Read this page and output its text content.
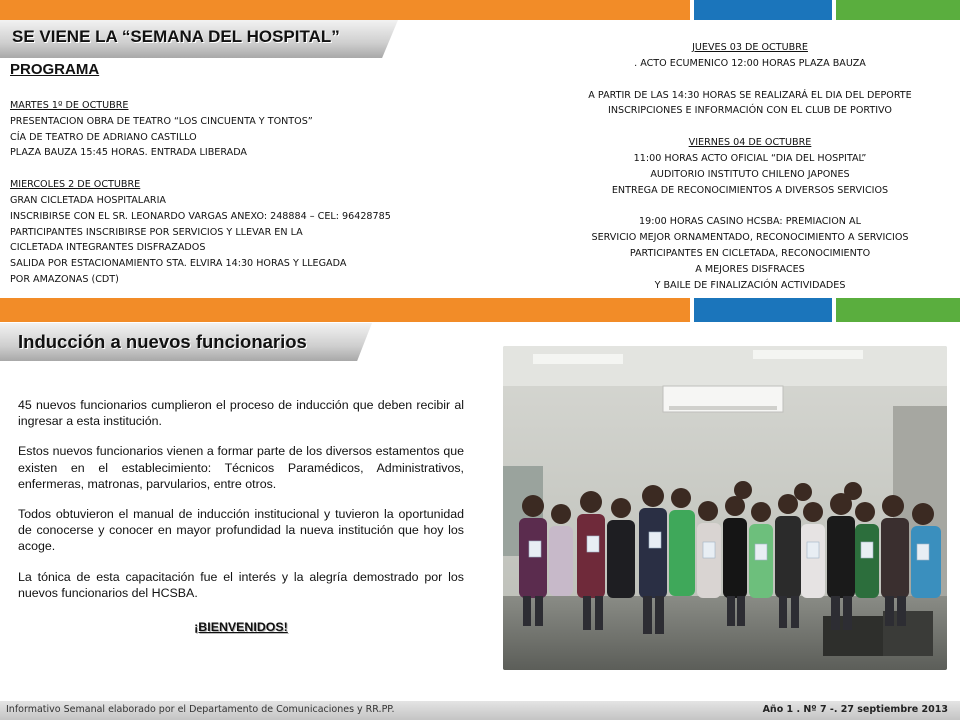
SE VIENE LA “SEMANA DEL HOSPITAL”
PROGRAMA
MARTES 1º DE OCTUBRE
PRESENTACION OBRA DE TEATRO “LOS CINCUENTA Y TONTOS”
CÍA DE TEATRO DE ADRIANO CASTILLO
PLAZA BAUZA 15:45 HORAS. ENTRADA LIBERADA
MIERCOLES 2 DE OCTUBRE
GRAN CICLETADA HOSPITALARIA
INSCRIBIRSE CON EL SR. LEONARDO VARGAS ANEXO: 248884 – CEL: 96428785
PARTICIPANTES INSCRIBIRSE POR SERVICIOS Y LLEVAR EN LA
CICLETADA INTEGRANTES DISFRAZADOS
SALIDA POR ESTACIONAMIENTO STA. ELVIRA 14:30 HORAS Y LLEGADA
POR AMAZONAS (CDT)
JUEVES 03 DE OCTUBRE
. ACTO ECUMENICO 12:00 HORAS PLAZA BAUZA
A PARTIR DE LAS 14:30 HORAS SE REALIZARÁ EL DIA DEL DEPORTE
INSCRIPCIONES E INFORMACIÓN CON EL CLUB DE PORTIVO
VIERNES 04 DE OCTUBRE
11:00 HORAS ACTO OFICIAL “DIA DEL HOSPITAL”
AUDITORIO INSTITUTO CHILENO JAPONES
ENTREGA DE RECONOCIMIENTOS A DIVERSOS SERVICIOS
19:00 HORAS CASINO HCSBA: PREMIACION AL
SERVICIO MEJOR ORNAMENTADO, RECONOCIMIENTO A SERVICIOS
PARTICIPANTES EN CICLETADA, RECONOCIMIENTO
A MEJORES DISFRACES
Y BAILE DE FINALIZACIÓN ACTIVIDADES
Inducción a nuevos funcionarios

45 nuevos funcionarios cumplieron el proceso de inducción que deben recibir al ingresar a esta institución.

Estos nuevos funcionarios vienen a formar parte de los diversos estamentos que existen en el establecimiento: Técnicos Paramédicos, Administrativos, enfermeras, matronas, parvularios, entre otros.

Todos obtuvieron el manual de inducción institucional y tuvieron la oportunidad de conocerse y conocer en mayor profundidad la nueva institución que hoy los acoge.

La tónica de esta capacitación fue el interés y la alegría demostrado por los nuevos funcionarios del HCSBA.

¡BIENVENIDOS!
Informativo Semanal elaborado por el Departamento de Comunicaciones y RR.PP.	Año 1 . Nº 7 -. 27 septiembre 2013
